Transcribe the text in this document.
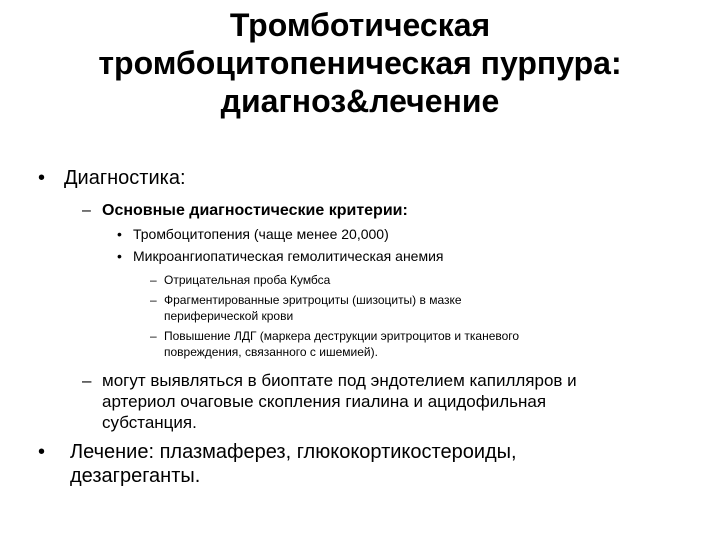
Тромботическая
тромбоцитопеническая пурпура:
диагноз&лечение
• Диагностика:
– Основные диагностические критерии:
• Тромбоцитопения (чаще менее 20,000)
• Микроангиопатическая гемолитическая анемия
– Отрицательная проба Кумбса
– Фрагментированные эритроциты (шизоциты) в мазке
периферической крови
– Повышение ЛДГ (маркера деструкции эритроцитов и тканевого
повреждения, связанного с ишемией).
– могут выявляться в биоптате под эндотелием капилляров и
артериол очаговые скопления гиалина и ацидофильная
субстанция.
•	Лечение: плазмаферез, глюкокортикостероиды,
дезагреганты.
